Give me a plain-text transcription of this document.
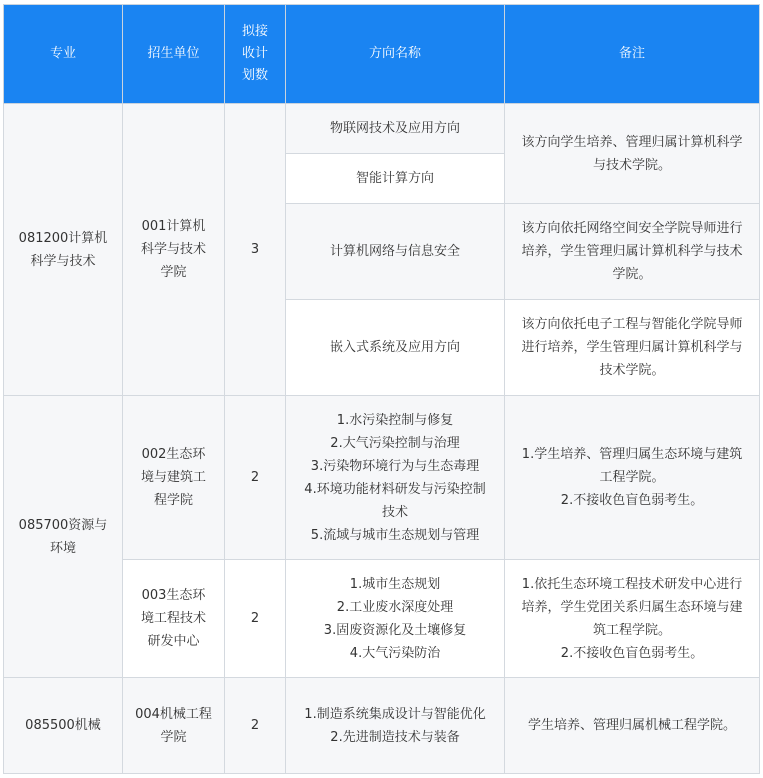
专业	招生单位	拟接收计划数	方向名称	备注
081200计算机科学与技术	001计算机科学与技术学院	3	物联网技术及应用方向	该方向学生培养、管理归属计算机科学与技术学院。

			智能计算方向	

			计算机网络与信息安全	该方向依托网络空间安全学院导师进行培养，学生管理归属计算机科学与技术学院。

			嵌入式系统及应用方向	该方向依托电子工程与智能化学院导师进行培养，学生管理归属计算机科学与技术学院。
085700资源与环境	002生态环境与建筑工程学院	2	1.水污染控制与修复
2.大气污染控制与治理
3.污染物环境行为与生态毒理
4.环境功能材料研发与污染控制技术
5.流域与城市生态规划与管理	1.学生培养、管理归属生态环境与建筑工程学院。
2.不接收色盲色弱考生。

	003生态环境工程技术研发中心	2	1.城市生态规划
2.工业废水深度处理
3.固废资源化及土壤修复
4.大气污染防治	1.依托生态环境工程技术研发中心进行培养，学生党团关系归属生态环境与建筑工程学院。
2.不接收色盲色弱考生。

085500机械	004机械工程
学院	2	1.制造系统集成设计与智能优化
2.先进制造技术与装备	学生培养、管理归属机械工程学院。
